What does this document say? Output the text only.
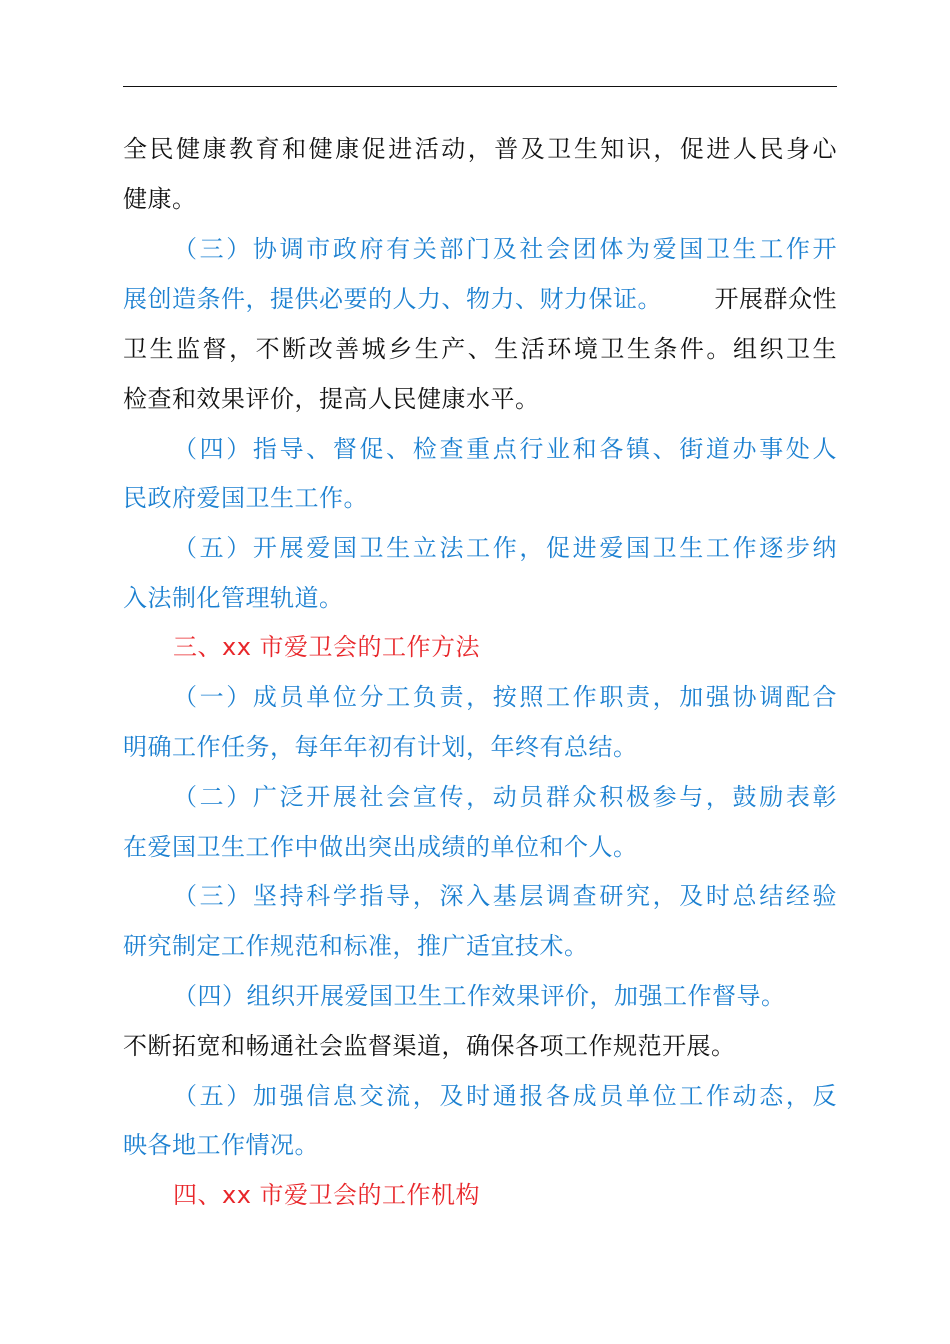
全民健康教育和健康促进活动，普及卫生知识，促进人民身心
健康。
（三）协调市政府有关部门及社会团体为爱国卫生工作开
展创造条件，提供必要的人力、物力、财力保证。	开展群众性
卫生监督，不断改善城乡生产、生活环境卫生条件。组织卫生
检查和效果评价，提高人民健康水平。
（四）指导、督促、检查重点行业和各镇、街道办事处人
民政府爱国卫生工作。
（五）开展爱国卫生立法工作，促进爱国卫生工作逐步纳
入法制化管理轨道。
三、xx 市爱卫会的工作方法
（一）成员单位分工负责，按照工作职责，加强协调配合
明确工作任务，每年年初有计划，年终有总结。
（二）广泛开展社会宣传，动员群众积极参与，鼓励表彰
在爱国卫生工作中做出突出成绩的单位和个人。
（三）坚持科学指导，深入基层调查研究，及时总结经验
研究制定工作规范和标准，推广适宜技术。
（四）组织开展爱国卫生工作效果评价，加强工作督导。
不断拓宽和畅通社会监督渠道，确保各项工作规范开展。
（五）加强信息交流，及时通报各成员单位工作动态，反
映各地工作情况。
四、xx 市爱卫会的工作机构
